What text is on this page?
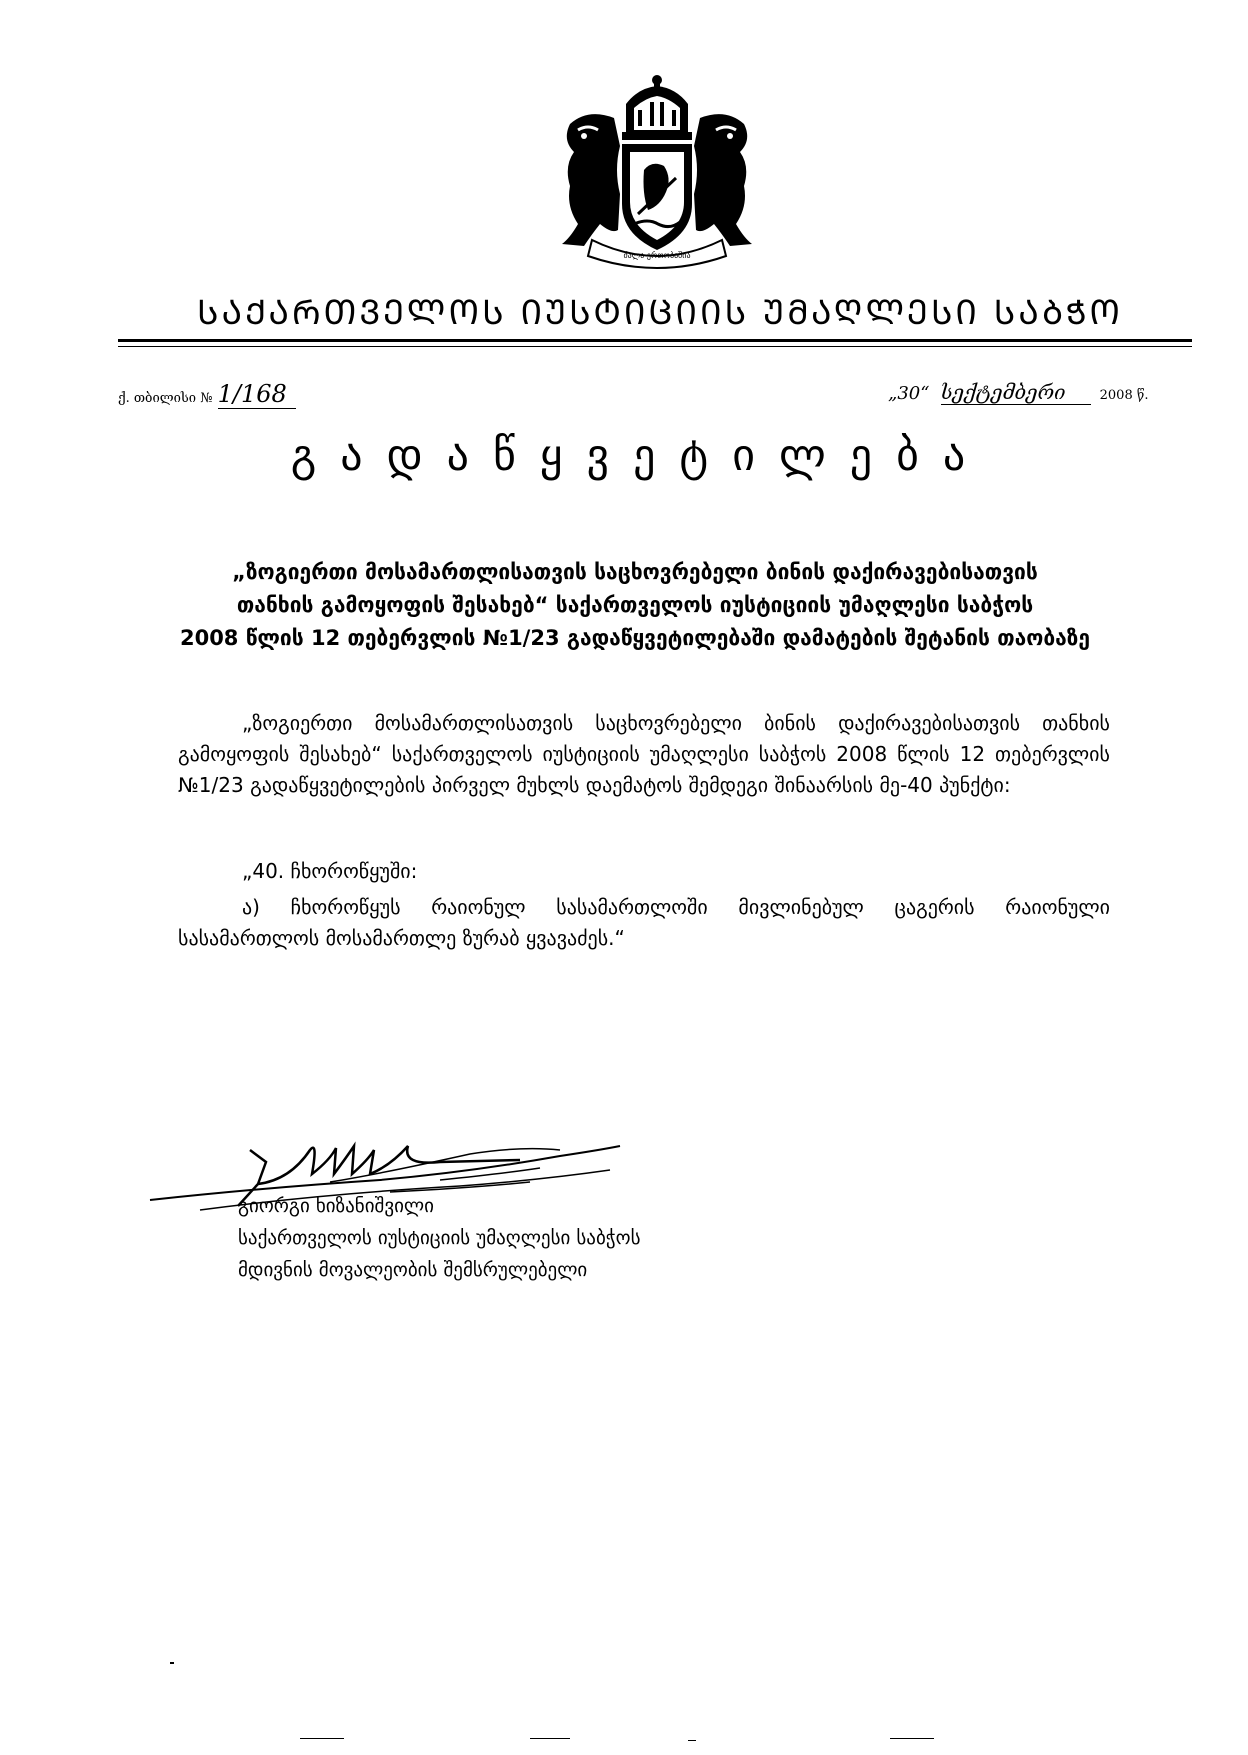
ძალა ერთობაშია
ᲡᲐᲥᲐᲠᲗᲕᲔᲚᲝᲡ ᲘᲣᲡᲢᲘᲪᲘᲘᲡ ᲣᲛᲐᲦᲚᲔᲡᲘ ᲡᲐᲑᲭᲝ
ქ. თბილისი № 1/168	„30“ სექტემბერი	2008 წ.
გადაწყვეტილება
„ზოგიერთი მოსამართლისათვის საცხოვრებელი ბინის დაქირავებისათვის
თანხის გამოყოფის შესახებ“ საქართველოს იუსტიციის უმაღლესი საბჭოს
2008 წლის 12 თებერვლის №1/23 გადაწყვეტილებაში დამატების შეტანის თაობაზე
„ზოგიერთი მოსამართლისათვის საცხოვრებელი ბინის დაქირავებისათვის თანხის გამოყოფის შესახებ“ საქართველოს იუსტიციის უმაღლესი საბჭოს 2008 წლის 12 თებერვლის №1/23 გადაწყვეტილების პირველ მუხლს დაემატოს შემდეგი შინაარსის მე-40 პუნქტი:
„40. ჩხოროწყუში:
ა) ჩხოროწყუს რაიონულ სასამართლოში მივლინებულ ცაგერის რაიონული სასამართლოს მოსამართლე ზურაბ ყვავაძეს.“
გიორგი ხიზანიშვილი
საქართველოს იუსტიციის უმაღლესი საბჭოს
მდივნის მოვალეობის შემსრულებელი
